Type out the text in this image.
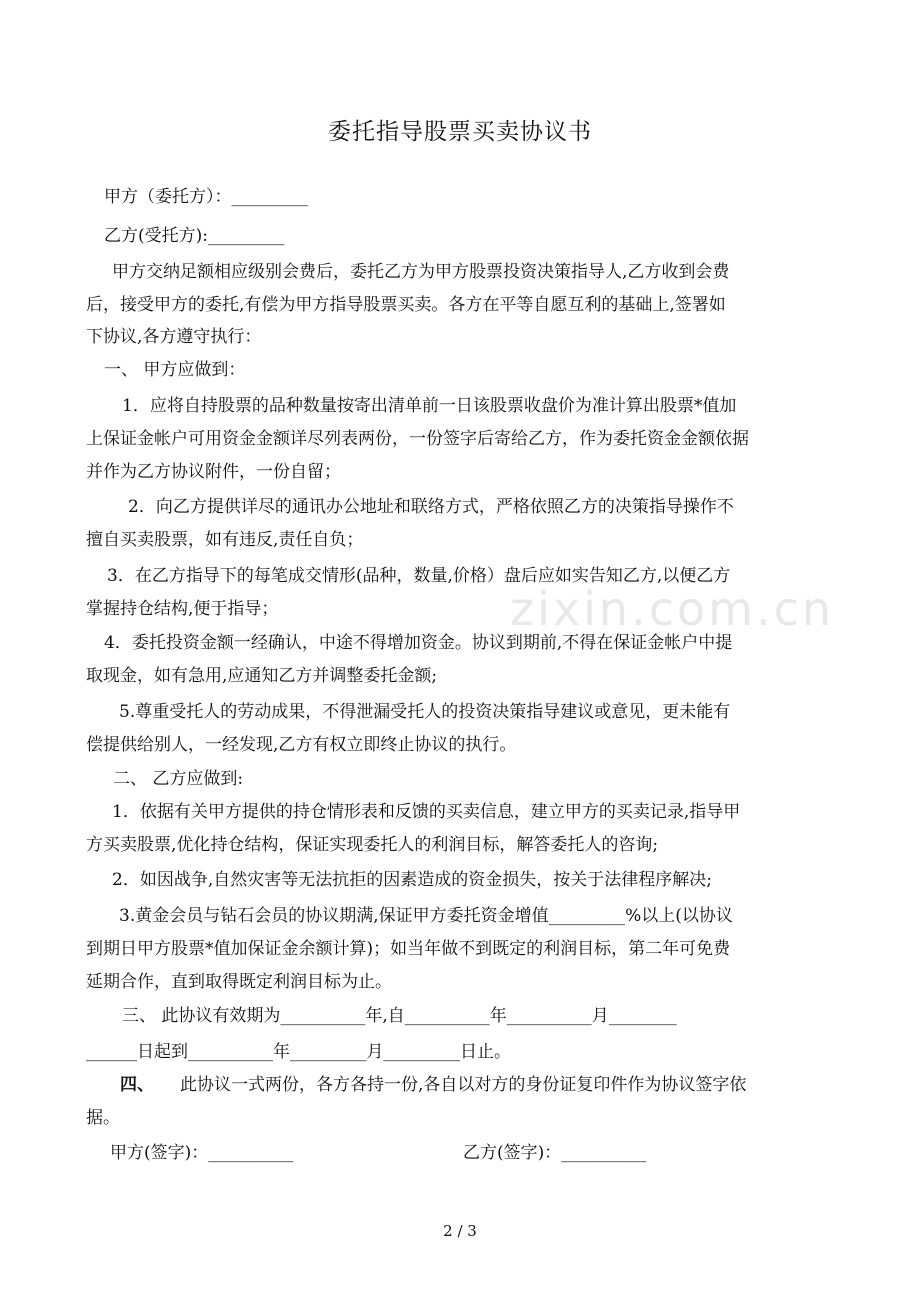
委托指导股票买卖协议书
甲方（委托方）：_________
乙方(受托方):_________
甲方交纳足额相应级别会费后，委托乙方为甲方股票投资决策指导人,乙方收到会费
后，接受甲方的委托,有偿为甲方指导股票买卖。各方在平等自愿互利的基础上,签署如
下协议,各方遵守执行：
一、 甲方应做到：
1．应将自持股票的品种数量按寄出清单前一日该股票收盘价为准计算出股票*值加
上保证金帐户可用资金金额详尽列表两份，一份签字后寄给乙方，作为委托资金金额依据
并作为乙方协议附件，一份自留；
2．向乙方提供详尽的通讯办公地址和联络方式，严格依照乙方的决策指导操作不
擅自买卖股票，如有违反,责任自负；
3．在乙方指导下的每笔成交情形(品种，数量,价格）盘后应如实告知乙方,以便乙方
掌握持仓结构,便于指导；
4．委托投资金额一经确认，中途不得增加资金。协议到期前,不得在保证金帐户中提
取现金，如有急用,应通知乙方并调整委托金额;
5.尊重受托人的劳动成果，不得泄漏受托人的投资决策指导建议或意见，更未能有
偿提供给别人，一经发现,乙方有权立即终止协议的执行。
二、 乙方应做到:
1．依据有关甲方提供的持仓情形表和反馈的买卖信息，建立甲方的买卖记录,指导甲
方买卖股票,优化持仓结构，保证实现委托人的利润目标，解答委托人的咨询;
2．如因战争,自然灾害等无法抗拒的因素造成的资金损失，按关于法律程序解决;
3.黄金会员与钻石会员的协议期满,保证甲方委托资金增值_________%以上(以协议
到期日甲方股票*值加保证金余额计算)；如当年做不到既定的利润目标，第二年可免费
延期合作，直到取得既定利润目标为止。
三、 此协议有效期为__________年,自__________年__________月________
______日起到__________年_________月_________日止。
四、	此协议一式两份，各方各持一份,各自以对方的身份证复印件作为协议签字依
据。
甲方(签字)：__________	乙方(签字)：__________
zixin.com.cn
2 / 3
